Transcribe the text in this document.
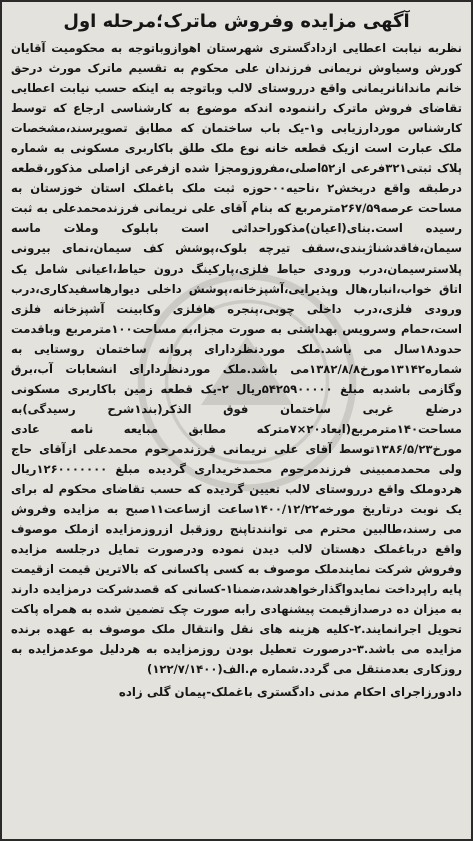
آگهی مزایده وفروش ماترک؛مرحله اول

نظربه نیابت اعطایی ازدادگستری شهرستان اهوازوباتوجه به محکومیت آقایان کورش وسیاوش نریمانی فرزندان علی محکوم به تقسیم ماترک مورث درحق خانم ماندانانریمانی واقع درروستای لالب وباتوجه به اینکه حسب نیابت اعطایی تقاضای فروش ماترک راننموده اندکه موضوع به کارشناسی ارجاع که توسط کارشناس موردارزیابی و۱-یک باب ساختمان که مطابق تصویرسند،مشخصات ملک عبارت است ازیک قطعه خانه نوع ملک طلق باکاربری مسکونی به شماره پلاک ثبتی۳۲۱فرعی از۵۲اصلی،مفروزومجزا شده ازفرعی ازاصلی مذکور،قطعه درطبقه واقع دربخش۲ ،ناحیه۰۰حوزه ثبت ملک باغملک استان خوزستان به مساحت عرصه۲۶۷/۵۹مترمربع که بنام آقای علی نریمانی فرزندمحمدعلی به ثبت رسیده است.بنای(اعیان)مذکوراحداثی است بابلوک وملات ماسه سیمان،فاقدشناژبندی،سقف تیرچه بلوک،پوشش کف سیمان،نمای بیرونی پلاسترسیمان،درب ورودی حیاط فلزی،پارکینگ درون حیاط،اعیانی شامل یک اتاق خواب،انبار،هال وپذیرایی،آشپزخانه،پوشش داخلی دیوارهاسفیدکاری،درب ورودی فلزی،درب داخلی چوبی،پنجره هافلزی وکابینت آشپزخانه فلزی است،حمام وسرویس بهداشتی به صورت مجزا،به مساحت۱۰۰مترمربع وباقدمت حدود۱۸سال می باشد.ملک موردنظردارای پروانه ساختمان روستایی به شماره۱۳۱۴۲مورخ۱۳۸۲/۸/۸می باشد.ملک موردنظردارای انشعابات آب،برق وگازمی باشدبه مبلغ ۵۴۲۵۹۰۰۰۰۰ریال ۲-یک قطعه زمین باکاربری مسکونی درضلع غربی ساختمان فوق الذکر(بند۱شرح رسیدگی)به مساحت۱۴۰مترمربع(ابعاد۲۰×۷مترکه مطابق مبایعه نامه عادی مورخ۱۳۸۶/۵/۲۳توسط آقای علی نریمانی فرزندمرحوم محمدعلی ازآقای حاج ولی محمدممبینی فرزندمرحوم محمدخریداری گردیده مبلغ ۱۲۶۰۰۰۰۰۰۰ریال هردوملک واقع درروستای لالب تعیین گردیده که حسب تقاضای محکوم له برای یک نوبت درتاریخ مورخه۱۴۰۰/۱۲/۲۲ساعت ازساعت۱۱صبح به مزایده وفروش می رسند،طالبین محترم می توانندتاپنج روزقبل ازروزمزایده ازملک موصوف واقع درباغملک دهستان لالب دیدن نموده ودرصورت تمایل درجلسه مزایده وفروش شرکت نمایندملک موصوف به کسی پاکسانی که بالاترین قیمت ازقیمت پایه راپرداخت نمایدواگذارخواهدشد،ضمنا۱-کسانی که قصدشرکت درمزایده دارند به میزان ده درصدازقیمت پیشنهادی رابه صورت چک تضمین شده به همراه پاکت تحویل اجرانمایند.۲-کلیه هزینه های نقل وانتقال ملک موصوف به عهده برنده مزایده می باشد.۳-درصورت تعطیل بودن روزمزایده به هردلیل موعدمزایده به روزکاری بعدمنتقل می گردد.شماره م.الف(۱۲۲/۷/۱۴۰۰)

دادورزاجرای احکام مدنی دادگستری باغملک-پیمان گلی زاده
